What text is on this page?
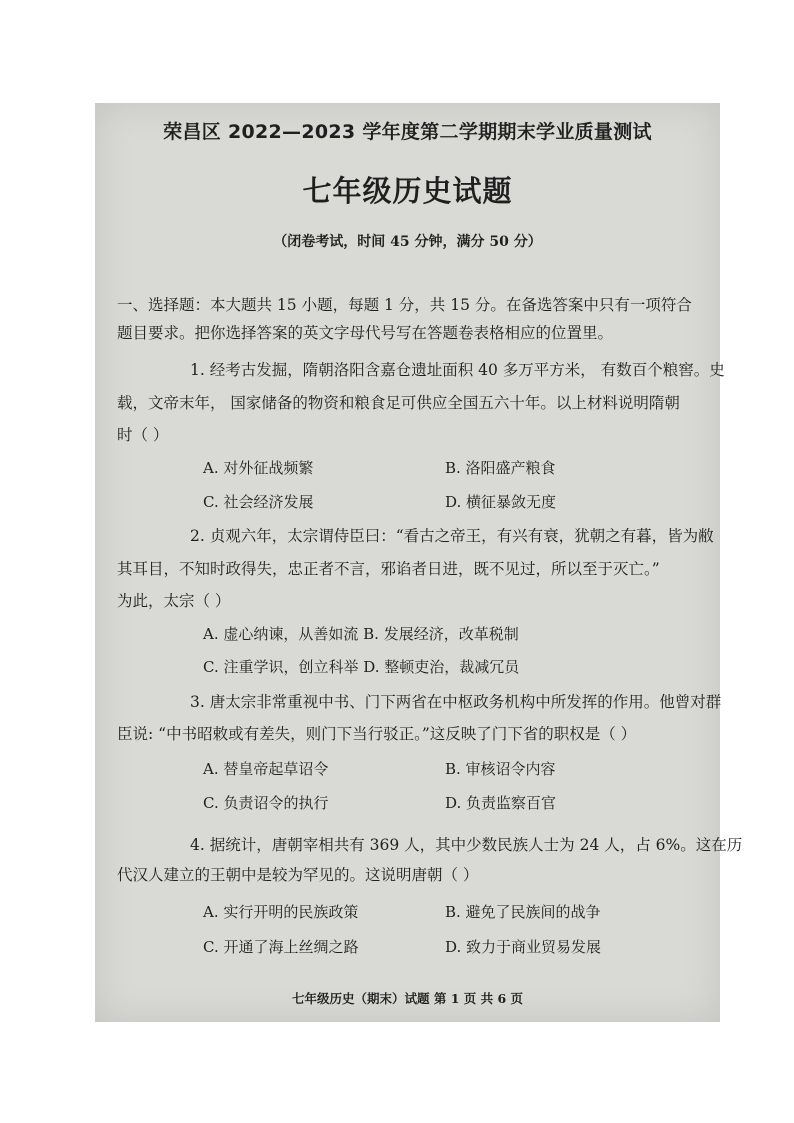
荣昌区 2022—2023 学年度第二学期期末学业质量测试
七年级历史试题
（闭卷考试，时间 45 分钟，满分 50 分）
一、选择题：本大题共 15 小题，每题 1 分，共 15 分。在备选答案中只有一项符合
题目要求。把你选择答案的英文字母代号写在答题卷表格相应的位置里。
1. 经考古发掘，隋朝洛阳含嘉仓遗址面积 40 多万平方米， 有数百个粮窖。史
载，文帝末年， 国家储备的物资和粮食足可供应全国五六十年。以上材料说明隋朝
时（ ）
A. 对外征战频繁	B. 洛阳盛产粮食
C. 社会经济发展	D. 横征暴敛无度
2. 贞观六年，太宗谓侍臣曰：“看古之帝王，有兴有衰，犹朝之有暮，皆为敝
其耳目，不知时政得失，忠正者不言，邪谄者日进，既不见过，所以至于灭亡。”
为此，太宗（ ）
A. 虚心纳谏，从善如流 B. 发展经济，改革税制
C. 注重学识，创立科举 D. 整顿吏治，裁减冗员
3. 唐太宗非常重视中书、门下两省在中枢政务机构中所发挥的作用。他曾对群
臣说: “中书昭敕或有差失，则门下当行驳正。”这反映了门下省的职权是（ ）
A. 替皇帝起草诏令	B. 审核诏令内容
C. 负责诏令的执行	D. 负责监察百官
4. 据统计，唐朝宰相共有 369 人，其中少数民族人士为 24 人，占 6%。这在历
代汉人建立的王朝中是较为罕见的。这说明唐朝（ ）
A. 实行开明的民族政策	B. 避免了民族间的战争
C. 开通了海上丝绸之路	D. 致力于商业贸易发展
七年级历史（期末）试题 第 1 页 共 6 页
